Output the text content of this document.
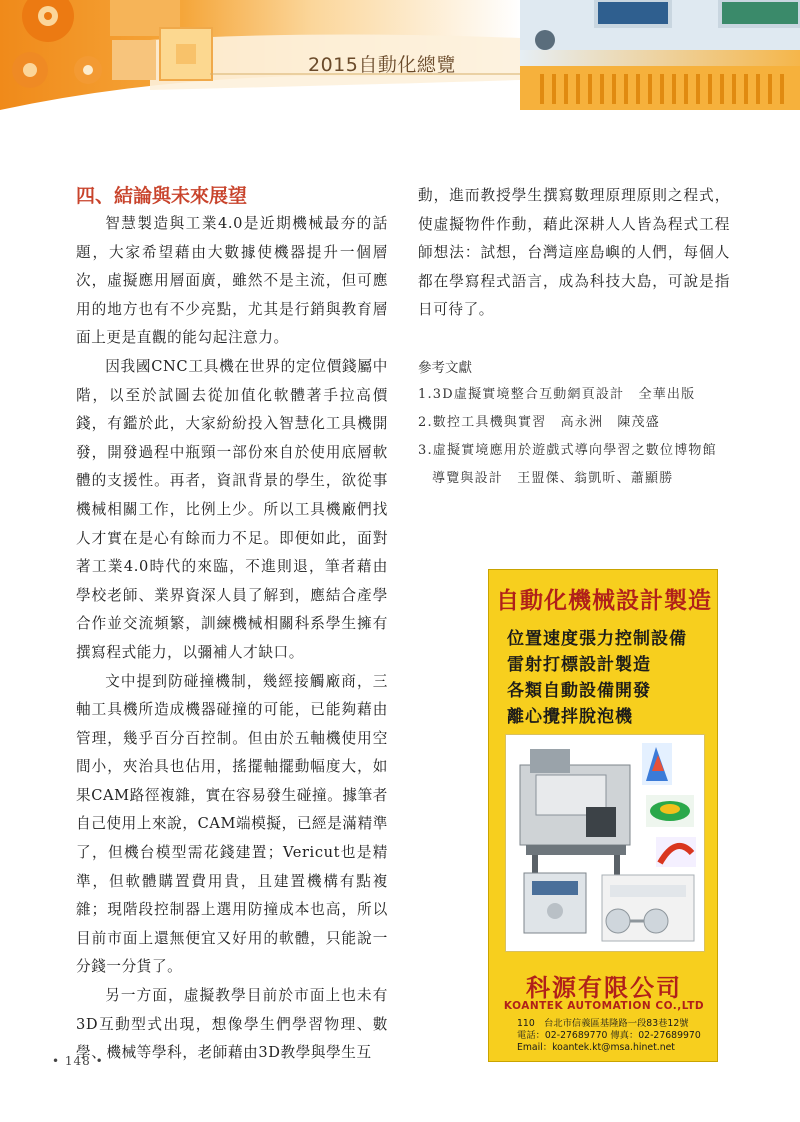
2015自動化總覽
四、結論與未來展望

智慧製造與工業4.0是近期機械最夯的話題，大家希望藉由大數據使機器提升一個層次，虛擬應用層面廣，雖然不是主流，但可應用的地方也有不少亮點，尤其是行銷與教育層面上更是直觀的能勾起注意力。

因我國CNC工具機在世界的定位價錢屬中階，以至於試圖去從加值化軟體著手拉高價錢，有鑑於此，大家紛紛投入智慧化工具機開發，開發過程中瓶頸一部份來自於使用底層軟體的支援性。再者，資訊背景的學生，欲從事機械相關工作，比例上少。所以工具機廠們找人才實在是心有餘而力不足。即便如此，面對著工業4.0時代的來臨，不進則退，筆者藉由學校老師、業界資深人員了解到，應結合產學合作並交流頻繁，訓練機械相關科系學生擁有撰寫程式能力，以彌補人才缺口。

文中提到防碰撞機制，幾經接觸廠商，三軸工具機所造成機器碰撞的可能，已能夠藉由管理，幾乎百分百控制。但由於五軸機使用空間小，夾治具也佔用，搖擺軸擺動幅度大，如果CAM路徑複雜，實在容易發生碰撞。據筆者自己使用上來說，CAM端模擬，已經是滿精準了，但機台模型需花錢建置；Vericut也是精準，但軟體購置費用貴，且建置機構有點複雜；現階段控制器上選用防撞成本也高，所以目前市面上還無便宜又好用的軟體，只能說一分錢一分貨了。

另一方面，虛擬教學目前於市面上也未有3D互動型式出現，想像學生們學習物理、數學、機械等學科，老師藉由3D教學與學生互

動，進而教授學生撰寫數理原理原則之程式，使虛擬物件作動，藉此深耕人人皆為程式工程師想法：試想，台灣這座島嶼的人們，每個人都在學寫程式語言，成為科技大島，可說是指日可待了。

參考文獻
1.3D虛擬實境整合互動網頁設計　全華出版
2.數控工具機與實習　高永洲　陳茂盛
3.虛擬實境應用於遊戲式導向學習之數位博物館
導覽與設計　王盟傑、翁凱昕、蕭顯勝
自動化機械設計製造
位置速度張力控制設備
雷射打標設計製造
各類自動設備開發
離心攪拌脫泡機
科源有限公司
KOANTEK AUTOMATION CO.,LTD
110　台北市信義區基隆路一段83巷12號
電話：02-27689770 傳真：02-27689970
Email：koantek.kt@msa.hinet.net
• 148 •
